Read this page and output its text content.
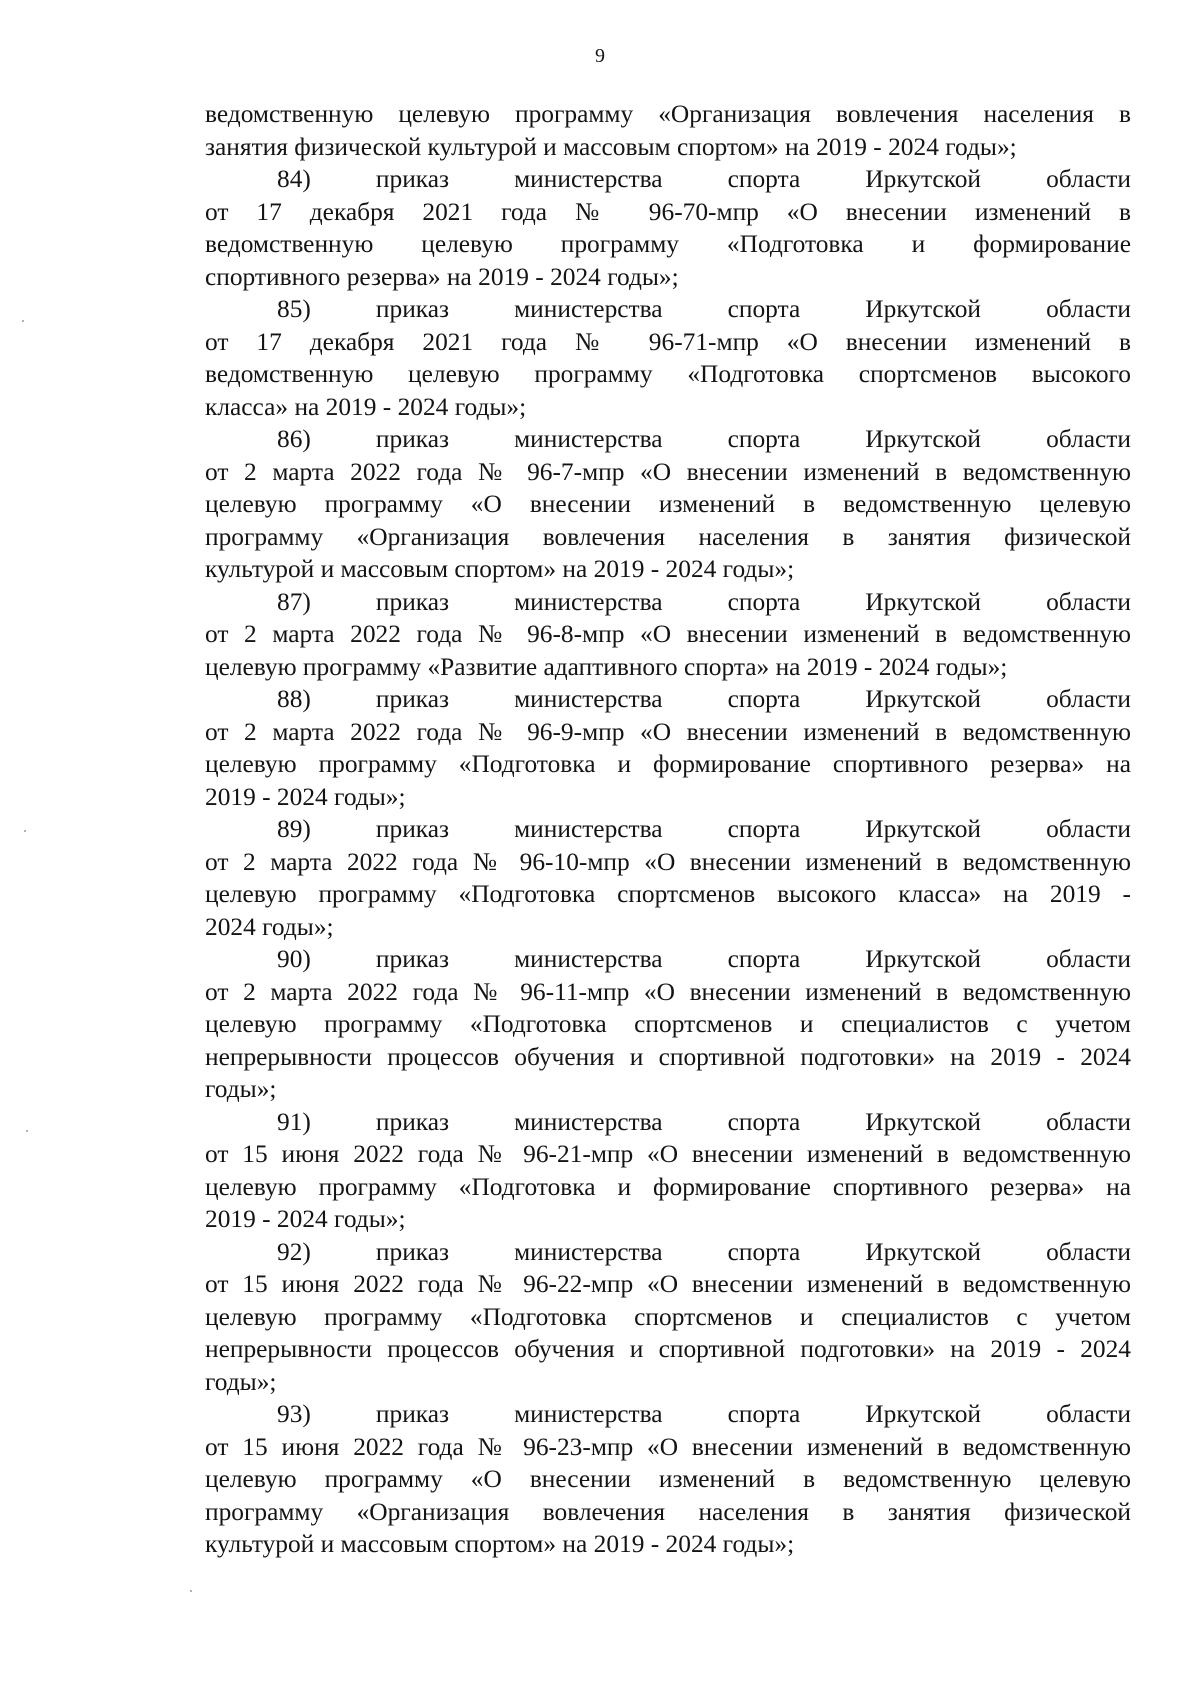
9
ведомственную целевую программу «Организация вовлечения населения в
занятия физической культурой и массовым спортом» на 2019 - 2024 годы»;
84)	приказ	министерства	спорта	Иркутской	области
от 17 декабря 2021 года № 96-70-мпр «О внесении изменений в
ведомственную целевую программу «Подготовка и формирование
спортивного резерва» на 2019 - 2024 годы»;
85)	приказ	министерства	спорта	Иркутской	области
от 17 декабря 2021 года № 96-71-мпр «О внесении изменений в
ведомственную целевую программу «Подготовка спортсменов высокого
класса» на 2019 - 2024 годы»;
86)	приказ	министерства	спорта	Иркутской	области
от 2 марта 2022 года № 96-7-мпр «О внесении изменений в ведомственную
целевую программу «О внесении изменений в ведомственную целевую
программу «Организация вовлечения населения в занятия физической
культурой и массовым спортом» на 2019 - 2024 годы»;
87)	приказ	министерства	спорта	Иркутской	области
от 2 марта 2022 года № 96-8-мпр «О внесении изменений в ведомственную
целевую программу «Развитие адаптивного спорта» на 2019 - 2024 годы»;
88)	приказ	министерства	спорта	Иркутской	области
от 2 марта 2022 года № 96-9-мпр «О внесении изменений в ведомственную
целевую программу «Подготовка и формирование спортивного резерва» на
2019 - 2024 годы»;
89)	приказ	министерства	спорта	Иркутской	области
от 2 марта 2022 года № 96-10-мпр «О внесении изменений в ведомственную
целевую программу «Подготовка спортсменов высокого класса» на 2019 -
2024 годы»;
90)	приказ	министерства	спорта	Иркутской	области
от 2 марта 2022 года № 96-11-мпр «О внесении изменений в ведомственную
целевую программу «Подготовка спортсменов и специалистов с учетом
непрерывности процессов обучения и спортивной подготовки» на 2019 - 2024
годы»;
91)	приказ	министерства	спорта	Иркутской	области
от 15 июня 2022 года № 96-21-мпр «О внесении изменений в ведомственную
целевую программу «Подготовка и формирование спортивного резерва» на
2019 - 2024 годы»;
92)	приказ	министерства	спорта	Иркутской	области
от 15 июня 2022 года № 96-22-мпр «О внесении изменений в ведомственную
целевую программу «Подготовка спортсменов и специалистов с учетом
непрерывности процессов обучения и спортивной подготовки» на 2019 - 2024
годы»;
93)	приказ	министерства	спорта	Иркутской	области
от 15 июня 2022 года № 96-23-мпр «О внесении изменений в ведомственную
целевую программу «О внесении изменений в ведомственную целевую
программу «Организация вовлечения населения в занятия физической
культурой и массовым спортом» на 2019 - 2024 годы»;
